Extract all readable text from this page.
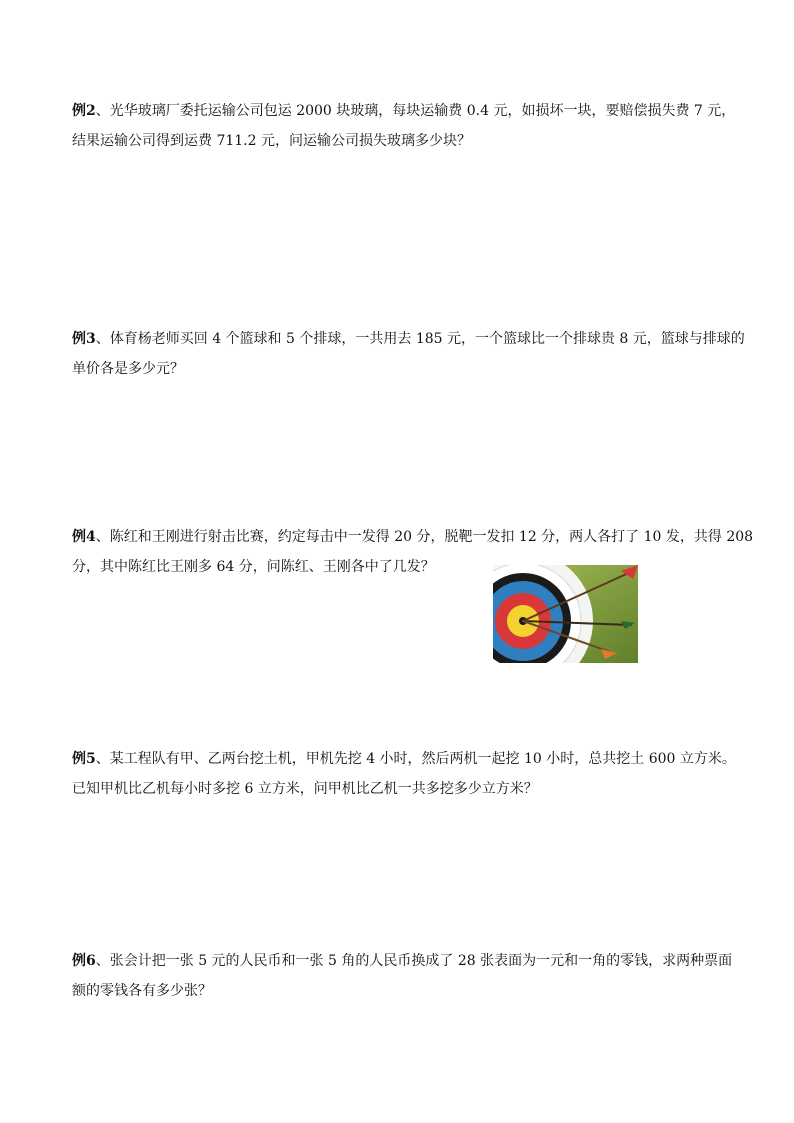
例2、光华玻璃厂委托运输公司包运 2000 块玻璃，每块运输费 0.4 元，如损坏一块，要赔偿损失费 7 元，
结果运输公司得到运费 711.2 元，问运输公司损失玻璃多少块？

例3、体育杨老师买回 4 个篮球和 5 个排球，一共用去 185 元，一个篮球比一个排球贵 8 元，篮球与排球的
单价各是多少元？

例4、陈红和王刚进行射击比赛，约定每击中一发得 20 分，脱靶一发扣 12 分，两人各打了 10 发，共得 208
分，其中陈红比王刚多 64 分，问陈红、王刚各中了几发？

例5、某工程队有甲、乙两台挖土机，甲机先挖 4 小时，然后两机一起挖 10 小时，总共挖土 600 立方米。
已知甲机比乙机每小时多挖 6 立方米，问甲机比乙机一共多挖多少立方米？

例6、张会计把一张 5 元的人民币和一张 5 角的人民币换成了 28 张表面为一元和一角的零钱，求两种票面
额的零钱各有多少张？
